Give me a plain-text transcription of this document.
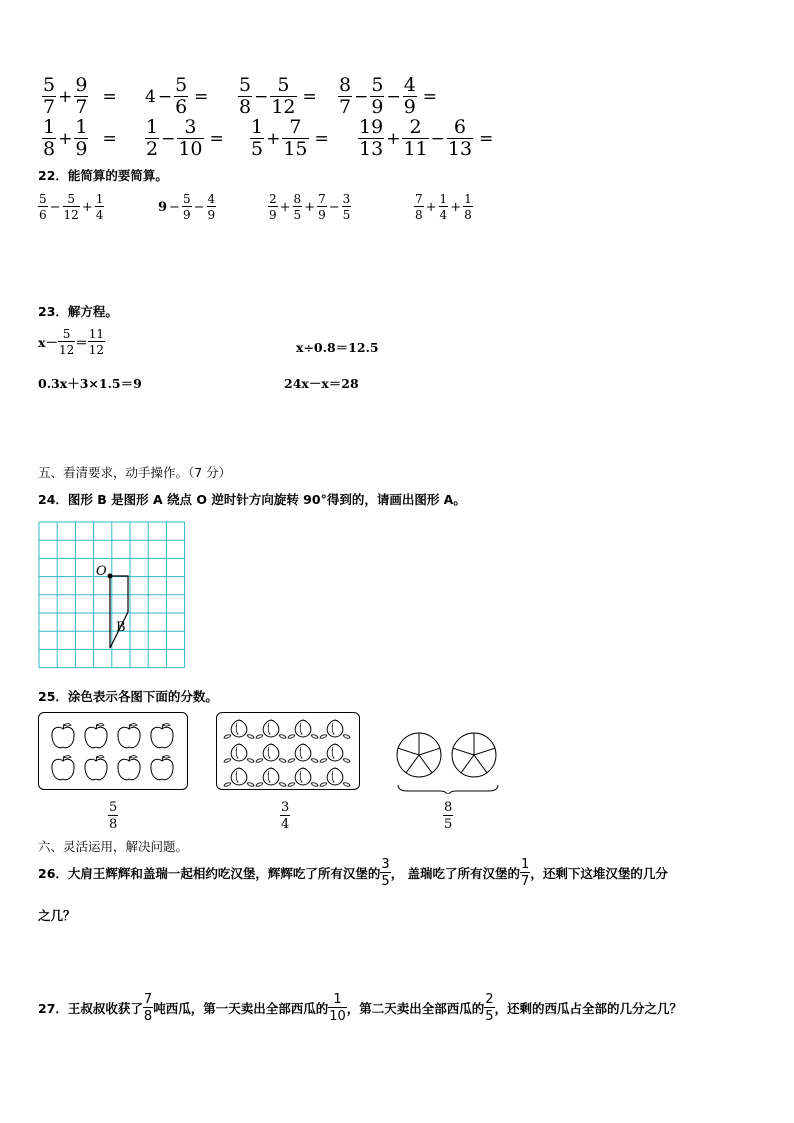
$\frac{5}{7} + \frac{9}{7} = 4 - \frac{5}{6} = \frac{5}{8} - \frac{5}{12} = \frac{8}{7} - \frac{5}{9} - \frac{4}{9}$ =
$\frac{1}{8} + \frac{1}{9} = \frac{1}{2} - \frac{3}{10} = \frac{1}{5} + \frac{7}{15} = \frac{19}{13} + \frac{2}{11} - \frac{6}{13}$ =
22．能简算的要简算。
$\frac{5}{6} - \frac{5}{12} + \frac{1}{4}$	$9 - \frac{5}{9} - \frac{4}{9}$	$\frac{2}{9} + \frac{8}{5} + \frac{7}{9} - \frac{3}{5}$	$\frac{7}{8} + \frac{1}{4} + \frac{1}{8}$
23．解方程。
$x- \frac{5}{12} = \frac{11}{12}$	x÷0.8＝12.5
0.3x＋3×1.5＝9	24x－x＝28
五、看清要求，动手操作。（7 分）
24．图形 B 是图形 A 绕点 O 逆时针方向旋转 90°得到的，请画出图形 A。
O
B
25．涂色表示各图下面的分数。
$\frac{5}{8}$	$\frac{3}{4}$	$\frac{8}{5}$
六、灵活运用，解决问题。
26．大肩王辉辉和盖瑞一起相约吃汉堡，辉辉吃了所有汉堡的 $\frac{3}{5}$ ， 盖瑞吃了所有汉堡的 $\frac{1}{7}$ ，还剩下这堆汉堡的几分
之几？
27．王叔叔收获了 $\frac{7}{8}$ 吨西瓜，第一天卖出全部西瓜的 $\frac{1}{10}$ ，第二天卖出全部西瓜的 $\frac{2}{5}$ ，还剩的西瓜占全部的几分之几？
